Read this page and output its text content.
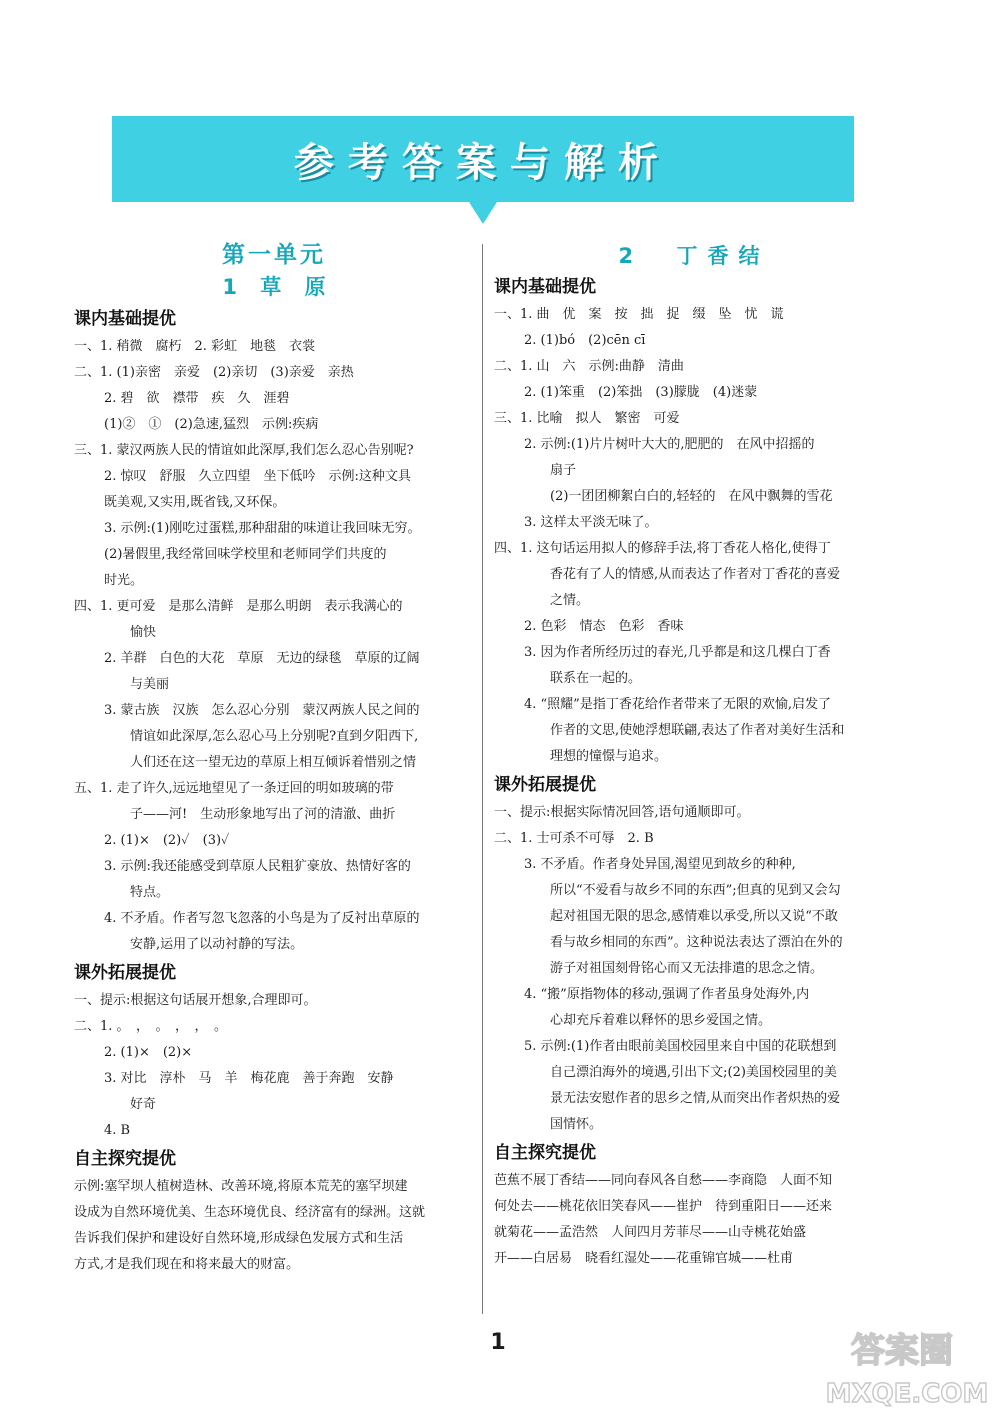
参考答案与解析
第一单元
1 草 原
课内基础提优
一、1. 稍微　腐朽　2. 彩虹　地毯　衣裳
二、1. (1)亲密　亲爱　(2)亲切　(3)亲爱　亲热
2. 碧　欲　襟带　疾　久　涯碧
(1)②　①　(2)急速,猛烈　示例:疾病
三、1. 蒙汉两族人民的情谊如此深厚,我们怎么忍心告别呢?
2. 惊叹　舒服　久立四望　坐下低吟　示例:这种文具
既美观,又实用,既省钱,又环保。
3. 示例:(1)刚吃过蛋糕,那种甜甜的味道让我回味无穷。
(2)暑假里,我经常回味学校里和老师同学们共度的
时光。
四、1. 更可爱　是那么清鲜　是那么明朗　表示我满心的
愉快
2. 羊群　白色的大花　草原　无边的绿毯　草原的辽阔
与美丽
3. 蒙古族　汉族　怎么忍心分别　蒙汉两族人民之间的
情谊如此深厚,怎么忍心马上分别呢?直到夕阳西下,
人们还在这一望无边的草原上相互倾诉着惜别之情
五、1. 走了许久,远远地望见了一条迂回的明如玻璃的带
子——河!　生动形象地写出了河的清澈、曲折
2. (1)×　(2)✓　(3)✓
3. 示例:我还能感受到草原人民粗犷豪放、热情好客的
特点。
4. 不矛盾。作者写忽飞忽落的小鸟是为了反衬出草原的
安静,运用了以动衬静的写法。
课外拓展提优
一、提示:根据这句话展开想象,合理即可。
二、1. 。　，　。　，　，　。
2. (1)×　(2)×
3. 对比　淳朴　马　羊　梅花鹿　善于奔跑　安静
好奇
4. B
自主探究提优
示例:塞罕坝人植树造林、改善环境,将原本荒芜的塞罕坝建
设成为自然环境优美、生态环境优良、经济富有的绿洲。这就
告诉我们保护和建设好自然环境,形成绿色发展方式和生活
方式,才是我们现在和将来最大的财富。
2 丁香结
课内基础提优
一、1. 曲　优　案　按　拙　捉　缀　坠　忧　谎
2. (1)bó　(2)cēn cī
二、1. 山　六　示例:曲静　清曲
2. (1)笨重　(2)笨拙　(3)朦胧　(4)迷蒙
三、1. 比喻　拟人　繁密　可爱
2. 示例:(1)片片树叶大大的,肥肥的　在风中招摇的
扇子
(2)一团团柳絮白白的,轻轻的　在风中飘舞的雪花
3. 这样太平淡无味了。
四、1. 这句话运用拟人的修辞手法,将丁香花人格化,使得丁
香花有了人的情感,从而表达了作者对丁香花的喜爱
之情。
2. 色彩　情态　色彩　香味
3. 因为作者所经历过的春光,几乎都是和这几棵白丁香
联系在一起的。
4. “照耀”是指丁香花给作者带来了无限的欢愉,启发了
作者的文思,使她浮想联翩,表达了作者对美好生活和
理想的憧憬与追求。
课外拓展提优
一、提示:根据实际情况回答,语句通顺即可。
二、1. 士可杀不可辱　2. B
3. 不矛盾。作者身处异国,渴望见到故乡的种种,
所以“不爱看与故乡不同的东西”;但真的见到又会勾
起对祖国无限的思念,感情难以承受,所以又说“不敢
看与故乡相同的东西”。这种说法表达了漂泊在外的
游子对祖国刻骨铭心而又无法排遣的思念之情。
4. “搬”原指物体的移动,强调了作者虽身处海外,内
心却充斥着难以释怀的思乡爱国之情。
5. 示例:(1)作者由眼前美国校园里来自中国的花联想到
自己漂泊海外的境遇,引出下文;(2)美国校园里的美
景无法安慰作者的思乡之情,从而突出作者炽热的爱
国情怀。
自主探究提优
芭蕉不展丁香结——同向春风各自愁——李商隐　人面不知
何处去——桃花依旧笑春风——崔护　待到重阳日——还来
就菊花——孟浩然　人间四月芳菲尽——山寺桃花始盛
开——白居易　晓看红湿处——花重锦官城——杜甫
1	答案圈
MXQE.COM
